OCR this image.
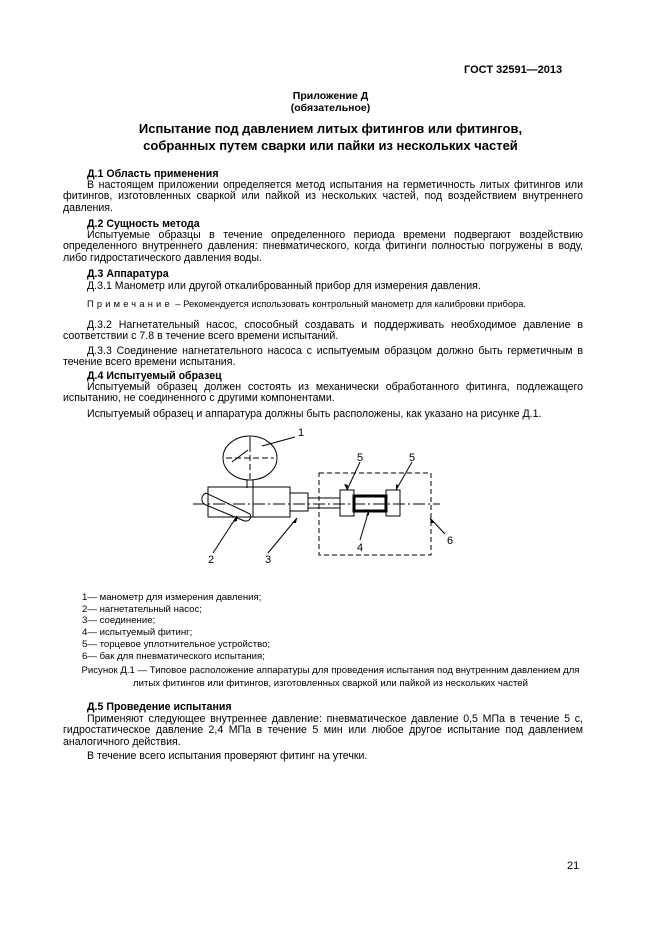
ГОСТ 32591—2013
Приложение Д
(обязательное)
Испытание под давлением литых фитингов или фитингов,
собранных путем сварки или пайки из нескольких частей
Д.1 Область применения
В настоящем приложении определяется метод испытания на герметичность литых фитингов или фитингов, изготовленных сваркой или пайкой из нескольких частей, под воздействием внутреннего давления.
Д.2 Сущность метода
Испытуемые образцы в течение определенного периода времени подвергают воздействию определенного внутреннего давления: пневматического, когда фитинги полностью погружены в воду, либо гидростатического давления воды.
Д.3 Аппаратура
Д.3.1 Манометр или другой откалиброванный прибор для измерения давления.
Примечание – Рекомендуется использовать контрольный манометр для калибровки прибора.
Д.3.2 Нагнетательный насос, способный создавать и поддерживать необходимое давление в соответствии с 7.8 в течение всего времени испытаний.
Д.3.3 Соединение нагнетательного насоса с испытуемым образцом должно быть герметичным в течение всего времени испытания.
Д.4 Испытуемый образец
Испытуемый образец должен состоять из механически обработанного фитинга, подлежащего испытанию, не соединенного с другими компонентами.
Испытуемый образец и аппаратура должны быть расположены, как указано на рисунке Д.1.
1
2	3
4
5	5
6
1— манометр для измерения давления;
2— нагнетательный насос;
3— соединение;
4— испытуемый фитинг;
5— торцевое уплотнительное устройство;
6— бак для пневматического испытания;
Рисунок Д.1 — Типовое расположение аппаратуры для проведения испытания под внутренним давлением для
литых фитингов или фитингов, изготовленных сваркой или пайкой из нескольких частей
Д.5 Проведение испытания
Применяют следующее внутреннее давление: пневматическое давление 0,5 МПа в течение 5 с, гидростатическое давление 2,4 МПа в течение 5 мин или любое другое испытание под давлением аналогичного действия.
В течение всего испытания проверяют фитинг на утечки.
21
